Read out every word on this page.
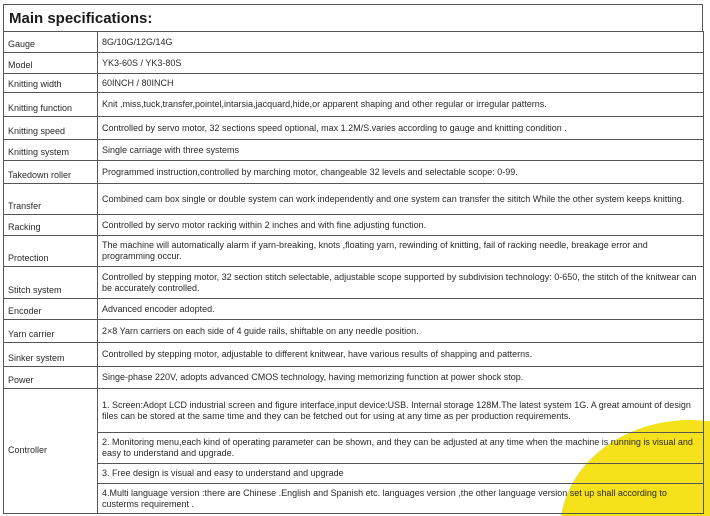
Main specifications:
Gauge	8G/10G/12G/14G
Model	YK3-60S / YK3-80S
Knitting width	60INCH / 80INCH
Knitting function	Knit ,miss,tuck,transfer,pointel,intarsia,jacquard,hide,or apparent shaping and other regular or irregular patterns.
Knitting speed	Controlled by servo motor, 32 sections speed optional, max 1.2M/S.varies according to gauge and knitting condition .
Knitting system	Single carriage with three systems
Takedown roller	Programmed instruction,controlled by marching motor, changeable 32 levels and selectable scope: 0-99.
Transfer	Combined cam box single or double system can work independently and one system can transfer the sititch While the other system keeps knitting.
Racking	Controlled by servo motor racking within 2 inches and with fine adjusting function.
Protection	The machine will automatically alarm if yarn-breaking, knots ,floating yarn, rewinding of knitting, fail of racking needle, breakage error and programming occur.
Stitch system	Controlled by stepping motor, 32 section stitch selectable, adjustable scope supported by subdivision technology: 0-650, the stitch of the knitwear can be accurately controlled.
Encoder	Advanced encoder adopted.
Yarn carrier	2×8 Yarn carriers on each side of 4 guide rails, shiftable on any needle position.
Sinker system	Controlled by stepping motor, adjustable to different knitwear, have various results of shapping and patterns.
Power	Singe-phase 220V, adopts advanced CMOS technology, having memorizing function at power shock stop.
Controller	1. Screen:Adopt LCD industrial screen and figure interface,input device:USB. Internal storage 128M.The latest system 1G. A great amount of design files can be stored at the same time and they can be fetched out for using at any time as per production requirements.
	2. Monitoring menu,each kind of operating parameter can be shown, and they can be adjusted at any time when the machine is running is visual and easy to understand and upgrade.
	3. Free design is visual and easy to understand and upgrade
	4.Multi language version :there are Chinese .English and Spanish etc. languages version ,the other language version set up shall according to custerms requirement .
